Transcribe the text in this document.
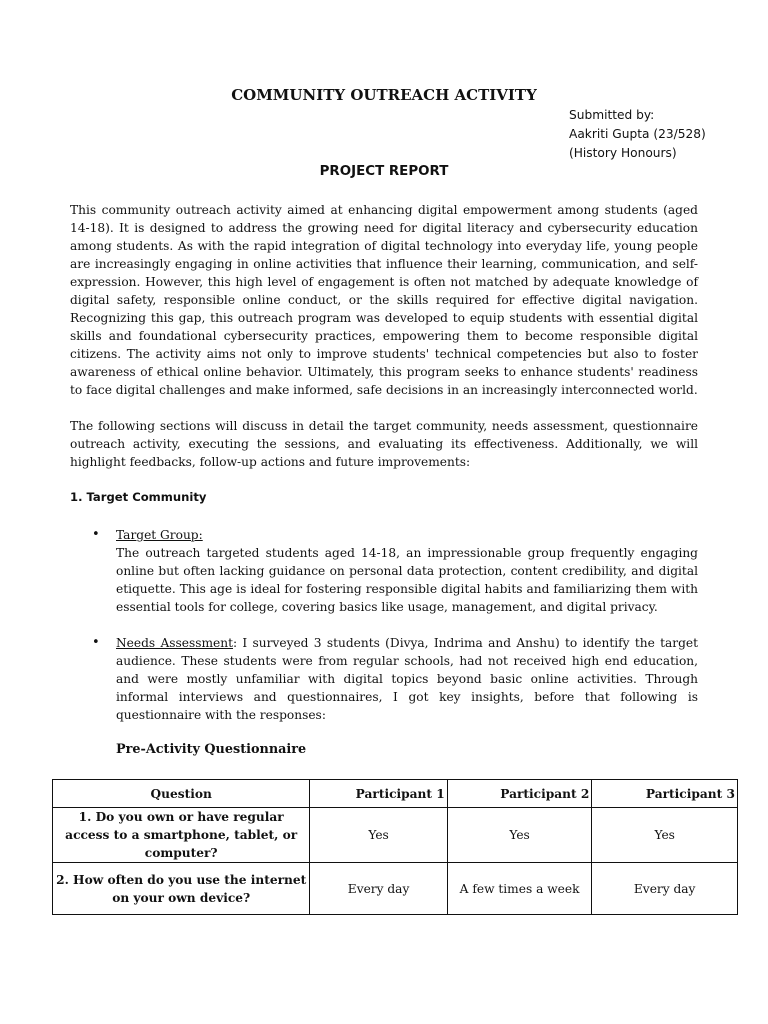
COMMUNITY OUTREACH ACTIVITY
Submitted by:
Aakriti Gupta (23/528)
(History Honours)
PROJECT REPORT

This community outreach activity aimed at enhancing digital empowerment among students (aged 14-18). It is designed to address the growing need for digital literacy and cybersecurity education among students. As with the rapid integration of digital technology into everyday life, young people are increasingly engaging in online activities that influence their learning, communication, and self-expression. However, this high level of engagement is often not matched by adequate knowledge of digital safety, responsible online conduct, or the skills required for effective digital navigation. Recognizing this gap, this outreach program was developed to equip students with essential digital skills and foundational cybersecurity practices, empowering them to become responsible digital citizens. The activity aims not only to improve students' technical competencies but also to foster awareness of ethical online behavior. Ultimately, this program seeks to enhance students' readiness to face digital challenges and make informed, safe decisions in an increasingly interconnected world.

The following sections will discuss in detail the target community, needs assessment, questionnaire outreach activity, executing the sessions, and evaluating its effectiveness. Additionally, we will highlight feedbacks, follow-up actions and future improvements:

1. Target Community
• Target Group:
The outreach targeted students aged 14-18, an impressionable group frequently engaging online but often lacking guidance on personal data protection, content credibility, and digital etiquette. This age is ideal for fostering responsible digital habits and familiarizing them with essential tools for college, covering basics like usage, management, and digital privacy.
• Needs Assessment: I surveyed 3 students (Divya, Indrima and Anshu) to identify the target audience. These students were from regular schools, had not received high end education, and were mostly unfamiliar with digital topics beyond basic online activities. Through informal interviews and questionnaires, I got key insights, before that following is questionnaire with the responses:
Pre-Activity Questionnaire
Question	Participant 1	Participant 2	Participant 3
1. Do you own or have regular access to a smartphone, tablet, or computer?	Yes	Yes	Yes
2. How often do you use the internet on your own device?	Every day	A few times a week	Every day
